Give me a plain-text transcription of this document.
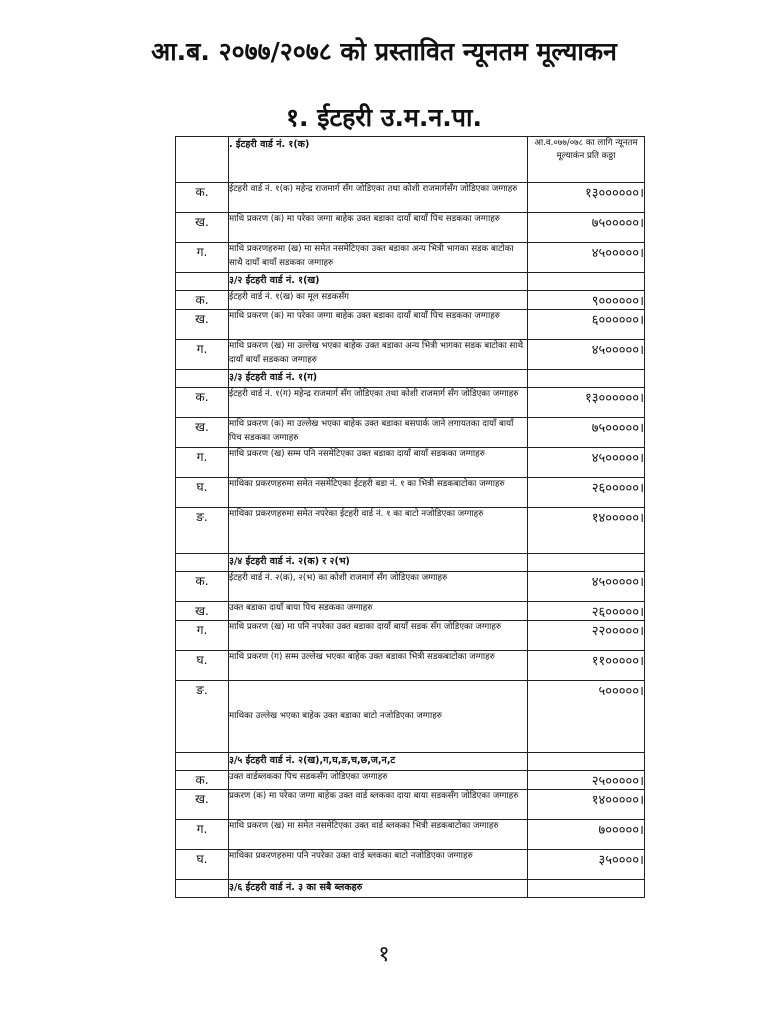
आ.ब. २०७७/२०७८ को प्रस्तावित न्यूनतम मूल्याकन
१. ईटहरी उ.म.न.पा.
	. ईटहरी वार्ड नं. १(क)	आ.व.०७७/०७८ का लागि न्यूनतम मूल्याकंन प्रति कठ्ठा
क.	ईटहरी वार्ड नं. १(क) महेन्द्र राजमार्ग सँग जोडिएका तथा कोशी राजमार्गसँग जोडिएका जग्गाहरु	१३००००००।
ख.	माथि प्रकरण (क) मा परेका जग्गा बाहेक उक्त बडाका दायाँ बायाँ पिच सडकका जग्गाहरु	७५०००००।
ग.	माथि प्रकरणहरुमा (ख) मा समेत नसमेटिएका उक्त बडाका अन्य भित्री भागका सडक बाटोका साथै दायाँ बायाँ सडकका जग्गाहरु	४५०००००।
	३/२ ईटहरी वार्ड नं. १(ख)	
क.	ईटहरी वार्ड नं. १(ख) का मूल सडकसँग	९००००००।
ख.	माथि प्रकरण (क) मा परेका जग्गा बाहेक उक्त बडाका दायाँ बायाँ पिच सडकका जग्गाहरु	६००००००।
ग.	माथि प्रकरण (ख) मा उल्लेख भएका बाहेक उक्त बडाका अन्य भित्री भागका सडक बाटोका साथै दायाँ बायाँ सडकका जग्गाहरु	४५०००००।
	३/३ ईटहरी वार्ड नं. १(ग)	
क.	ईटहरी वार्ड नं. १(ग) महेन्द्र राजमार्ग सँग जोडिएका तथा कोशी राजमार्ग सँग जोडिएका जग्गाहरु	१३००००००।
ख.	माथि प्रकरण (क) मा उल्लेख भएका बाहेक उक्त बडाका बसपार्क जाने लगायतका दायाँ बायाँ पिच सडकका जग्गाहरु	७५०००००।
ग.	माथि प्रकरण (ख) सम्म पनि नसमेटिएका उक्त बडाका दायाँ बायाँ सडकका जग्गाहरु	४५०००००।
घ.	माथिका प्रकरणहरुमा समेत नसमेटिएका ईटहरी बडा नं. १ का भित्री सडकबाटोका जग्गाहरु	२६०००००।
ङ.	माथिका प्रकरणहरुमा समेत नपरेका ईटहरी वार्ड नं. १ का बाटो नजोडिएका जग्गाहरु	१४०००००।
	३/४ ईटहरी वार्ड नं. २(क) र २(भ)	
क.	ईटहरी वार्ड नं. २(क), २(भ) का कोशी राजमार्ग सँग जोडिएका जग्गाहरु	४५०००००।
ख.	उक्त बडाका दायाँ बाया पिच सडकका जग्गाहरु	२६०००००।
ग.	माथि प्रकरण (ख) मा पनि नपरेका उक्त बडाका दायाँ बायाँ सडक सँग जोडिएका जग्गाहरु	२२०००००।
घ.	माथि प्रकरण (ग) सम्म उल्लेख भएका बाहेक उक्त बडाका भित्री सडकबाटोका जग्गाहरु	११०००००।
ङ.	माथिका उल्लेख भएका बाहेक उक्त बडाका बाटो नजोडिएका जग्गाहरु	५०००००।
	३/५ ईटहरी वार्ड नं. २(ख),ग,घ,ङ,च,छ,ज,न,ट	
क.	उक्त वार्डब्लकका पिच सडकसँग जोडिएका जग्गाहरु	२५०००००।
ख.	प्रकरण (क) मा परेका जग्गा बाहेक उक्त वार्ड ब्लकका दाया बाया सडकसँग जोडिएका जग्गाहरु	१४०००००।
ग.	माथि प्रकरण (ख) मा समेत नसमेटिएका उक्त वार्ड ब्लकका भित्री सडकबाटोका जग्गाहरु	७०००००।
घ.	माथिका प्रकरणहरुमा पनि नपरेका उक्त वार्ड ब्लकका बाटो नजोडिएका जग्गाहरु	३५००००।
	३/६ ईटहरी वार्ड नं. ३ का सबै ब्लकहरु	
१
